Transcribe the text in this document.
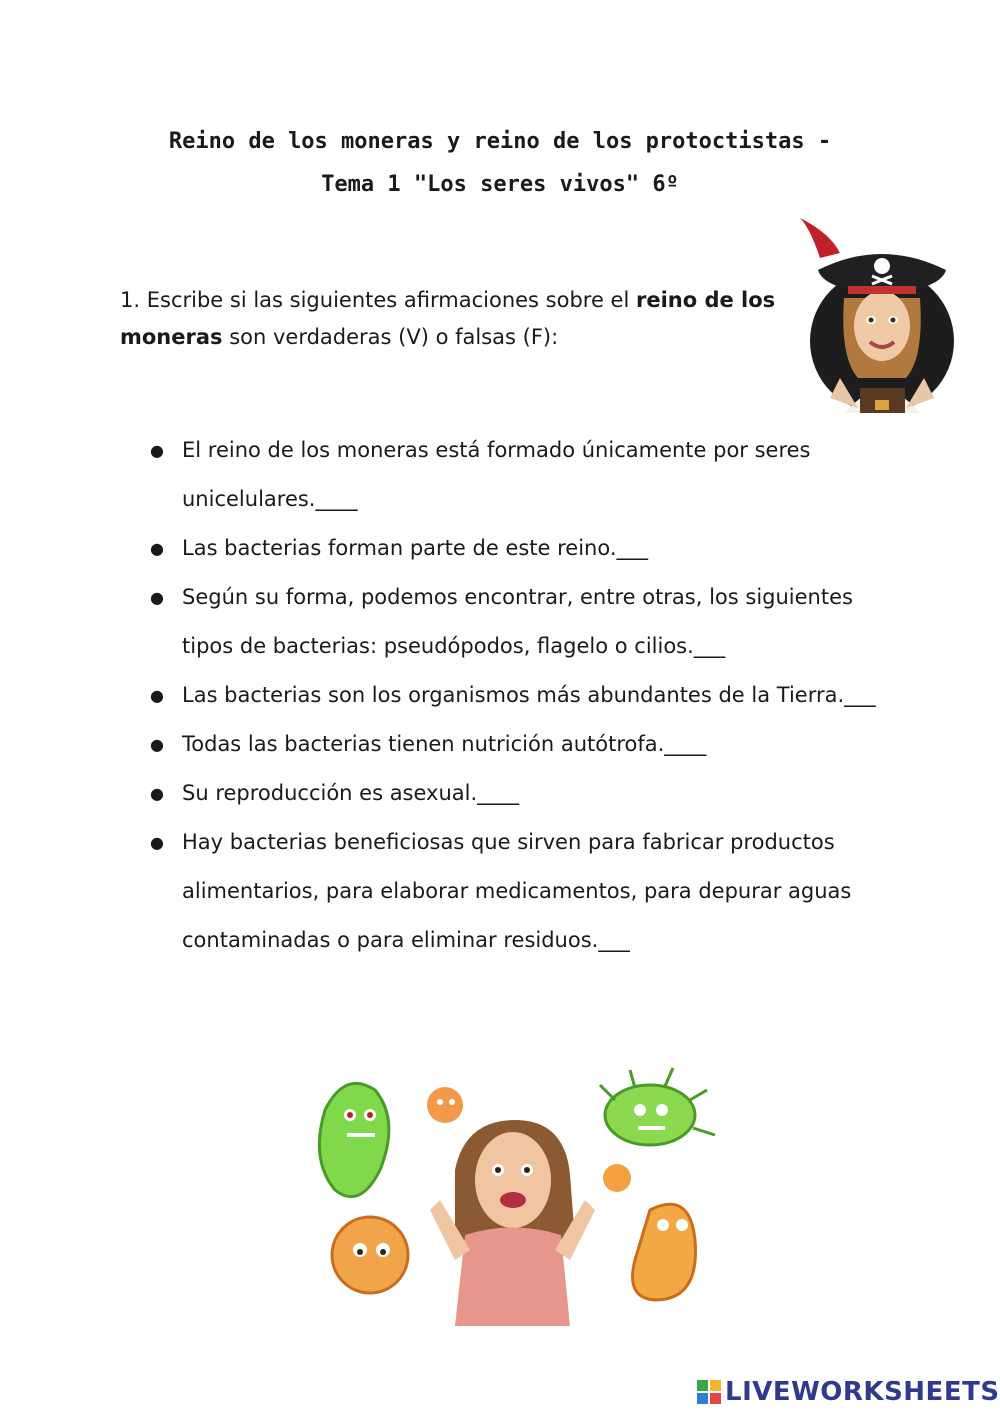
Reino de los moneras y reino de los protoctistas -
Tema 1 "Los seres vivos" 6º
1. Escribe si las siguientes afirmaciones sobre el reino de los moneras son verdaderas (V) o falsas (F):
● El reino de los moneras está formado únicamente por seres unicelulares.____
● Las bacterias forman parte de este reino.___
● Según su forma, podemos encontrar, entre otras, los siguientes tipos de bacterias: pseudópodos, flagelo o cilios.___
● Las bacterias son los organismos más abundantes de la Tierra.___
● Todas las bacterias tienen nutrición autótrofa.____
● Su reproducción es asexual.____
● Hay bacterias beneficiosas que sirven para fabricar productos alimentarios, para elaborar medicamentos, para depurar aguas contaminadas o para eliminar residuos.___
LIVEWORKSHEETS
